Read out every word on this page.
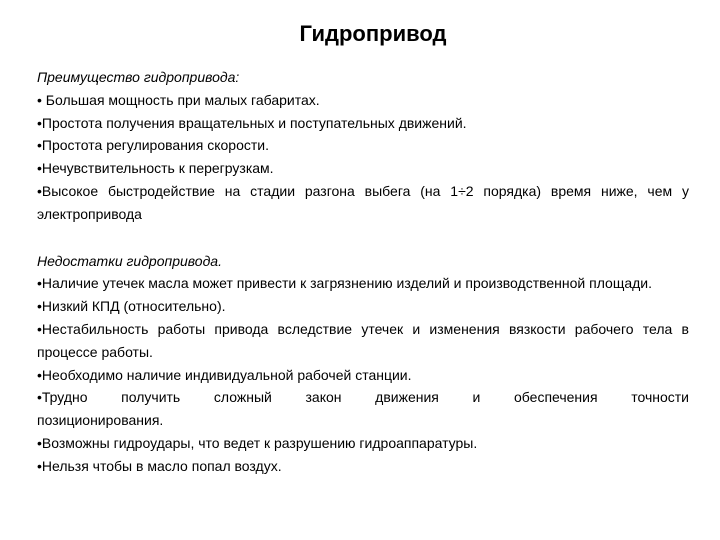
Гидропривод
Преимущество гидропривода:
• Большая мощность при малых габаритах.
•Простота получения вращательных и поступательных движений.
•Простота регулирования скорости.
•Нечувствительность к перегрузкам.
•Высокое быстродействие на стадии разгона выбега (на 1÷2 порядка) время ниже, чем у электропривода
Недостатки гидропривода.
•Наличие утечек масла может привести к загрязнению изделий и производственной площади.
•Низкий КПД (относительно).
•Нестабильность работы привода вследствие утечек и изменения вязкости рабочего тела в процессе работы.
•Необходимо наличие индивидуальной рабочей станции.
•Трудно получить сложный закон движения и обеспечения точности
позиционирования.
•Возможны гидроудары, что ведет к разрушению гидроаппаратуры.
•Нельзя чтобы в масло попал воздух.
